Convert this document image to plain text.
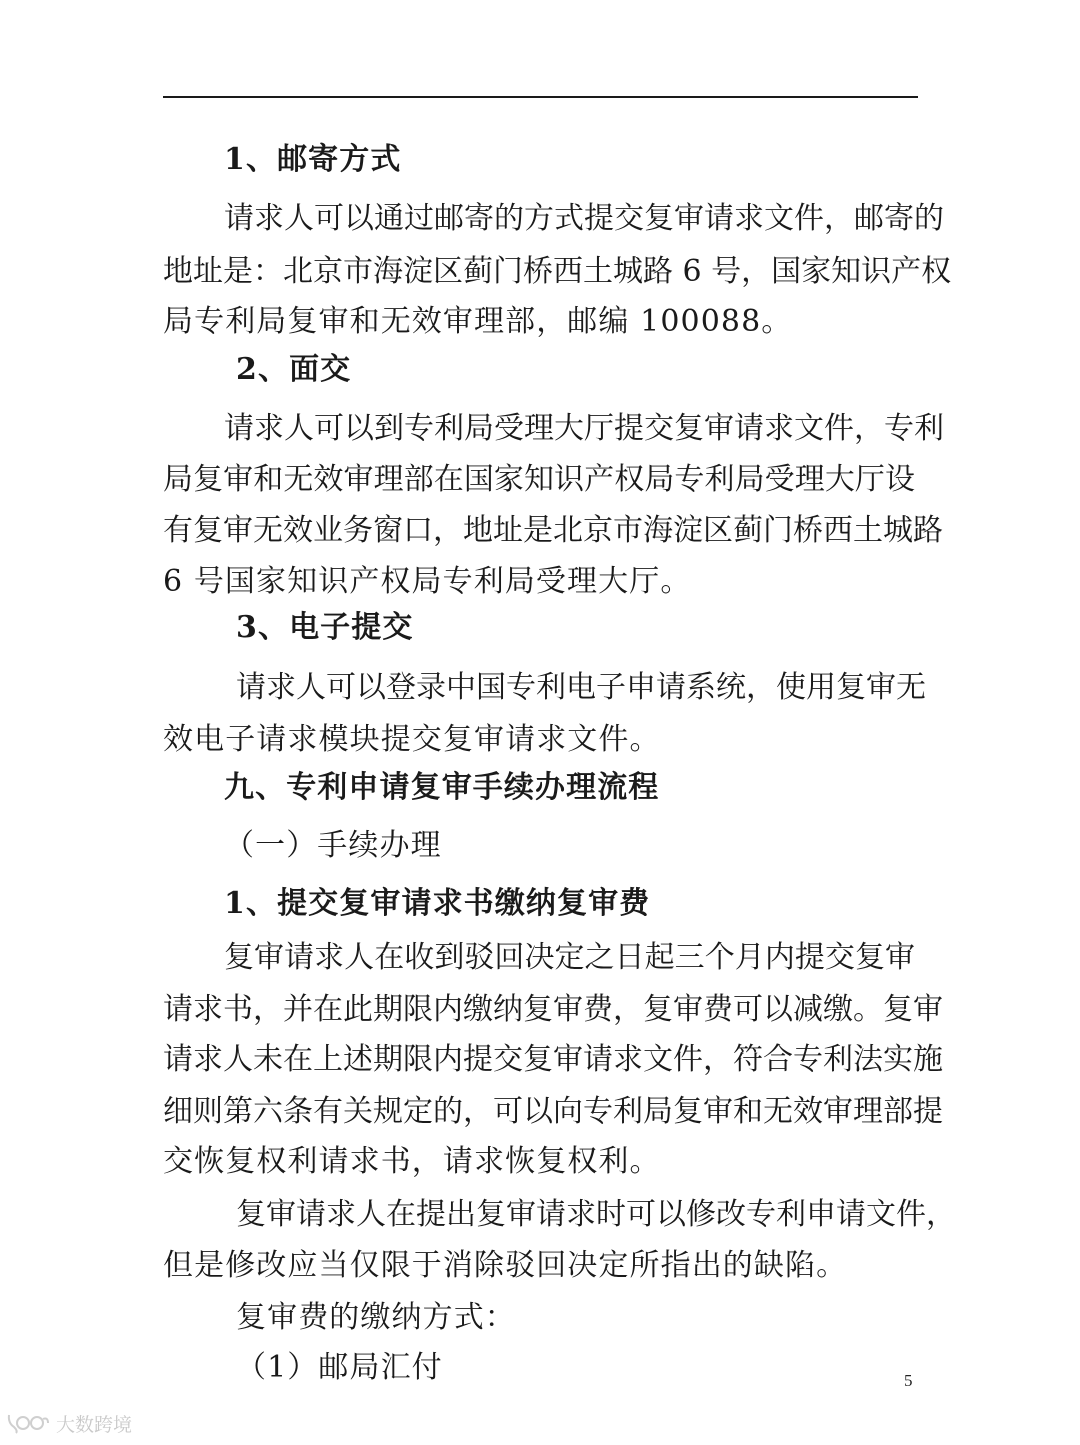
1、邮寄方式
请求人可以通过邮寄的方式提交复审请求文件，邮寄的
地址是：北京市海淀区蓟门桥西土城路 6 号，国家知识产权
局专利局复审和无效审理部，邮编 100088。
2、面交
请求人可以到专利局受理大厅提交复审请求文件，专利
局复审和无效审理部在国家知识产权局专利局受理大厅设
有复审无效业务窗口，地址是北京市海淀区蓟门桥西土城路
6 号国家知识产权局专利局受理大厅。
3、电子提交
请求人可以登录中国专利电子申请系统，使用复审无
效电子请求模块提交复审请求文件。
九、专利申请复审手续办理流程
（一）手续办理
1、提交复审请求书缴纳复审费
复审请求人在收到驳回决定之日起三个月内提交复审
请求书，并在此期限内缴纳复审费，复审费可以减缴。复审
请求人未在上述期限内提交复审请求文件，符合专利法实施
细则第六条有关规定的，可以向专利局复审和无效审理部提
交恢复权利请求书，请求恢复权利。
复审请求人在提出复审请求时可以修改专利申请文件，
但是修改应当仅限于消除驳回决定所指出的缺陷。
复审费的缴纳方式：
（1）邮局汇付	5
大数跨境
